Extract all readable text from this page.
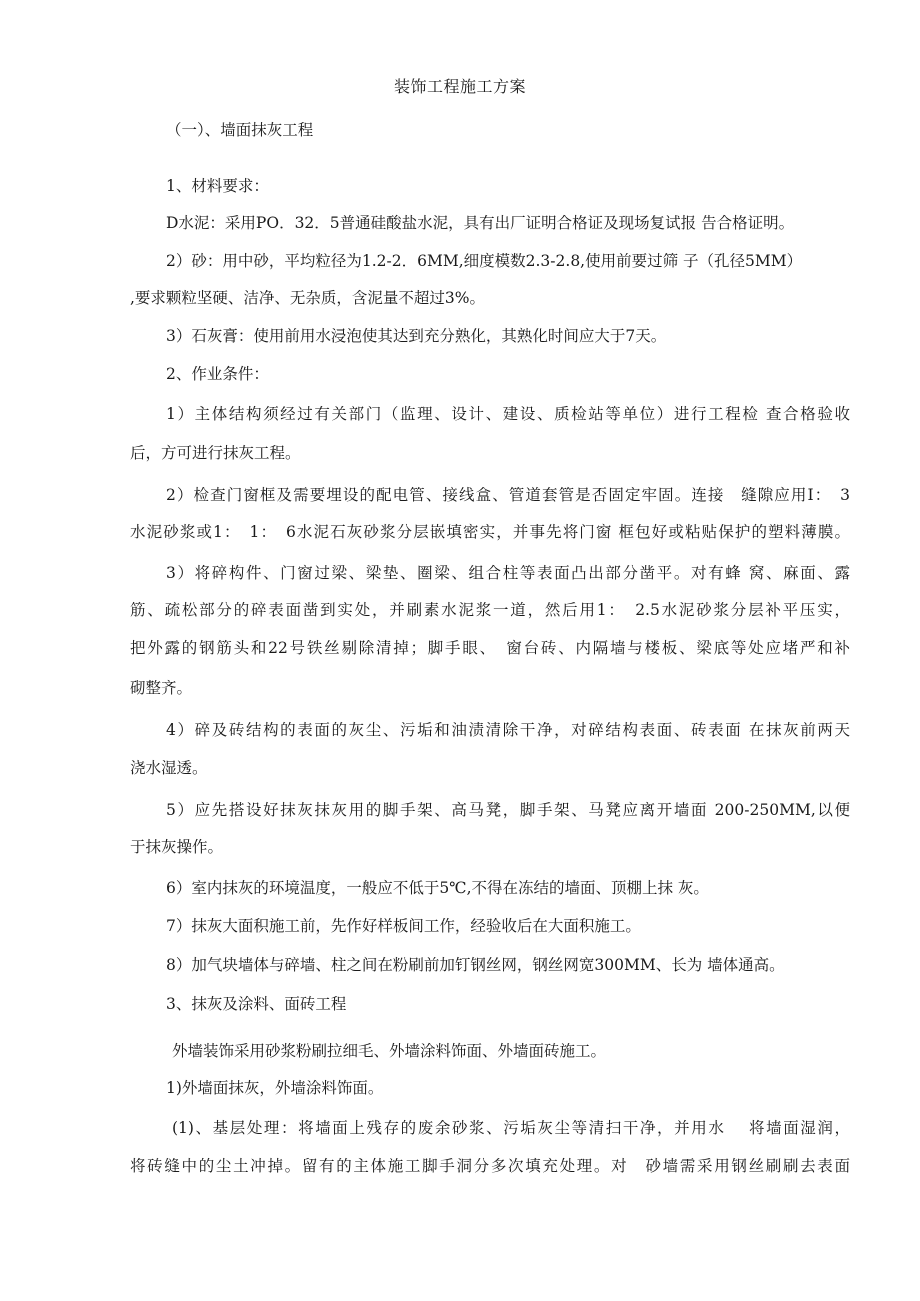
装饰工程施工方案
（一）、墙面抹灰工程
1、材料要求：
D水泥：采用PO．32．5普通硅酸盐水泥，具有出厂证明合格证及现场复试报 告合格证明。
2）砂：用中砂，平均粒径为1.2-2．6MM,细度模数2.3-2.8,使用前要过筛 子（孔径5MM）
,要求颗粒坚硬、洁净、无杂质，含泥量不超过3%。
3）石灰膏：使用前用水浸泡使其达到充分熟化，其熟化时间应大于7天。
2、作业条件：
1）主体结构须经过有关部门（监理、设计、建设、质检站等单位）进行工程检 查合格验收
后，方可进行抹灰工程。
2）检查门窗框及需要埋设的配电管、接线盒、管道套管是否固定牢固。连接　缝隙应用I：　3
水泥砂浆或1：　1：　6水泥石灰砂浆分层嵌填密实，并事先将门窗 框包好或粘贴保护的塑料薄膜。
3）将碎构件、门窗过梁、梁垫、圈梁、组合柱等表面凸出部分凿平。对有蜂 窝、麻面、露
筋、疏松部分的碎表面凿到实处，并刷素水泥浆一道，然后用1：　2.5水泥砂浆分层补平压实，
把外露的钢筋头和22号铁丝剔除清掉；脚手眼、　窗台砖、内隔墙与楼板、梁底等处应堵严和补
砌整齐。
4）碎及砖结构的表面的灰尘、污垢和油渍清除干净，对碎结构表面、砖表面 在抹灰前两天
浇水湿透。
5）应先搭设好抹灰抹灰用的脚手架、高马凳，脚手架、马凳应离开墙面 200-250MM,以便
于抹灰操作。
6）室内抹灰的环境温度，一般应不低于5℃,不得在冻结的墙面、顶棚上抹 灰。
7）抹灰大面积施工前，先作好样板间工作，经验收后在大面积施工。
8）加气块墙体与碎墙、柱之间在粉刷前加钉钢丝网，钢丝网宽300MM、长为 墙体通高。
3、抹灰及涂料、面砖工程
外墙装饰采用砂浆粉刷拉细毛、外墙涂料饰面、外墙面砖施工。
1)外墙面抹灰，外墙涂料饰面。
(1)、基层处理：将墙面上残存的废余砂浆、污垢灰尘等清扫干净，并用水　 将墙面湿润，
将砖缝中的尘土冲掉。留有的主体施工脚手洞分多次填充处理。对　砂墙需采用钢丝刷刷去表面
